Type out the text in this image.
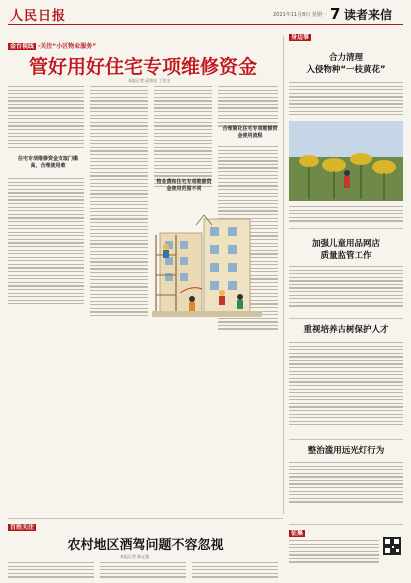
人民日报	2021年11月8日 星期一 7 读者来信
金台视线 ·关注“小区物业服务”
管好用好住宅专项维修资金
本报记者 邱智宏 丁怡全
住宅专项维修资金支取门槛高，合理使用难
物业费和住宅专项维修资金使用范围不同
合理简化住宅专项维修资金使用流程
身边事
合力清理
入侵物种“一枝黄花”
加强儿童用品网店
质量监管工作
重视培养古树保护人才
整治滥用远光灯行为
百姓关注
农村地区酒驾问题不容忽视
本报记者 陈元俊
征集
